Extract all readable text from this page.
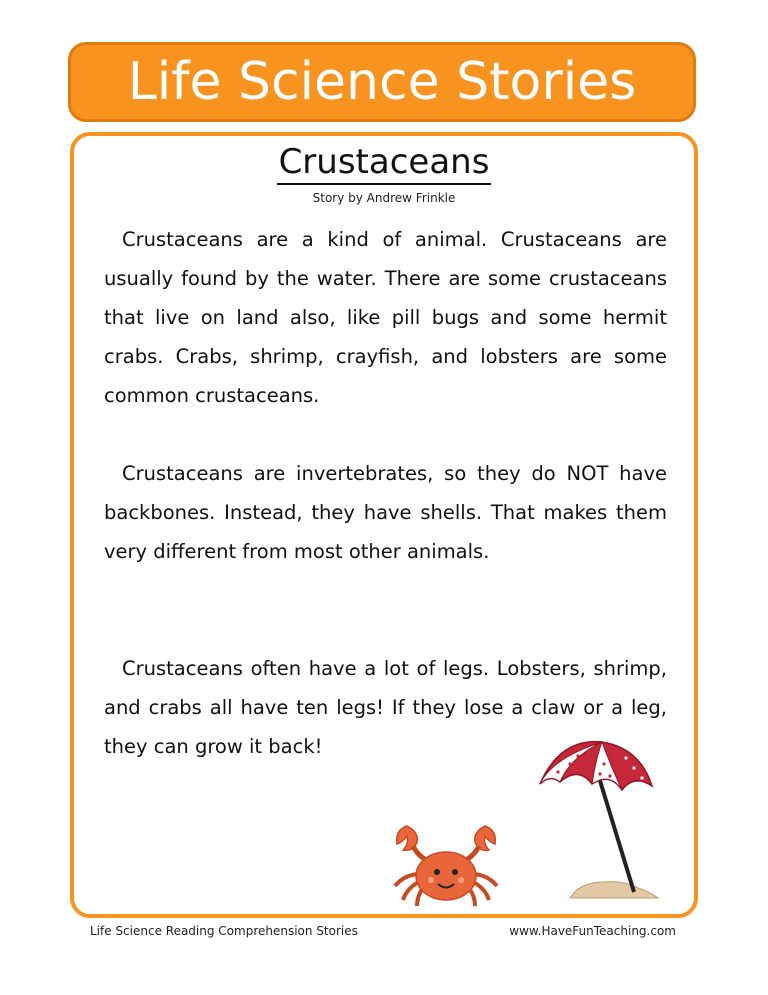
Life Science Stories
Crustaceans
Story by Andrew Frinkle

Crustaceans are a kind of animal. Crustaceans are usually found by the water. There are some crustaceans that live on land also, like pill bugs and some hermit crabs. Crabs, shrimp, crayfish, and lobsters are some common crustaceans.

Crustaceans are invertebrates, so they do NOT have backbones. Instead, they have shells. That makes them very different from most other animals.

Crustaceans often have a lot of legs. Lobsters, shrimp, and crabs all have ten legs! If they lose a claw or a leg, they can grow it back!

Life Science Reading Comprehension Stories	www.HaveFunTeaching.com
